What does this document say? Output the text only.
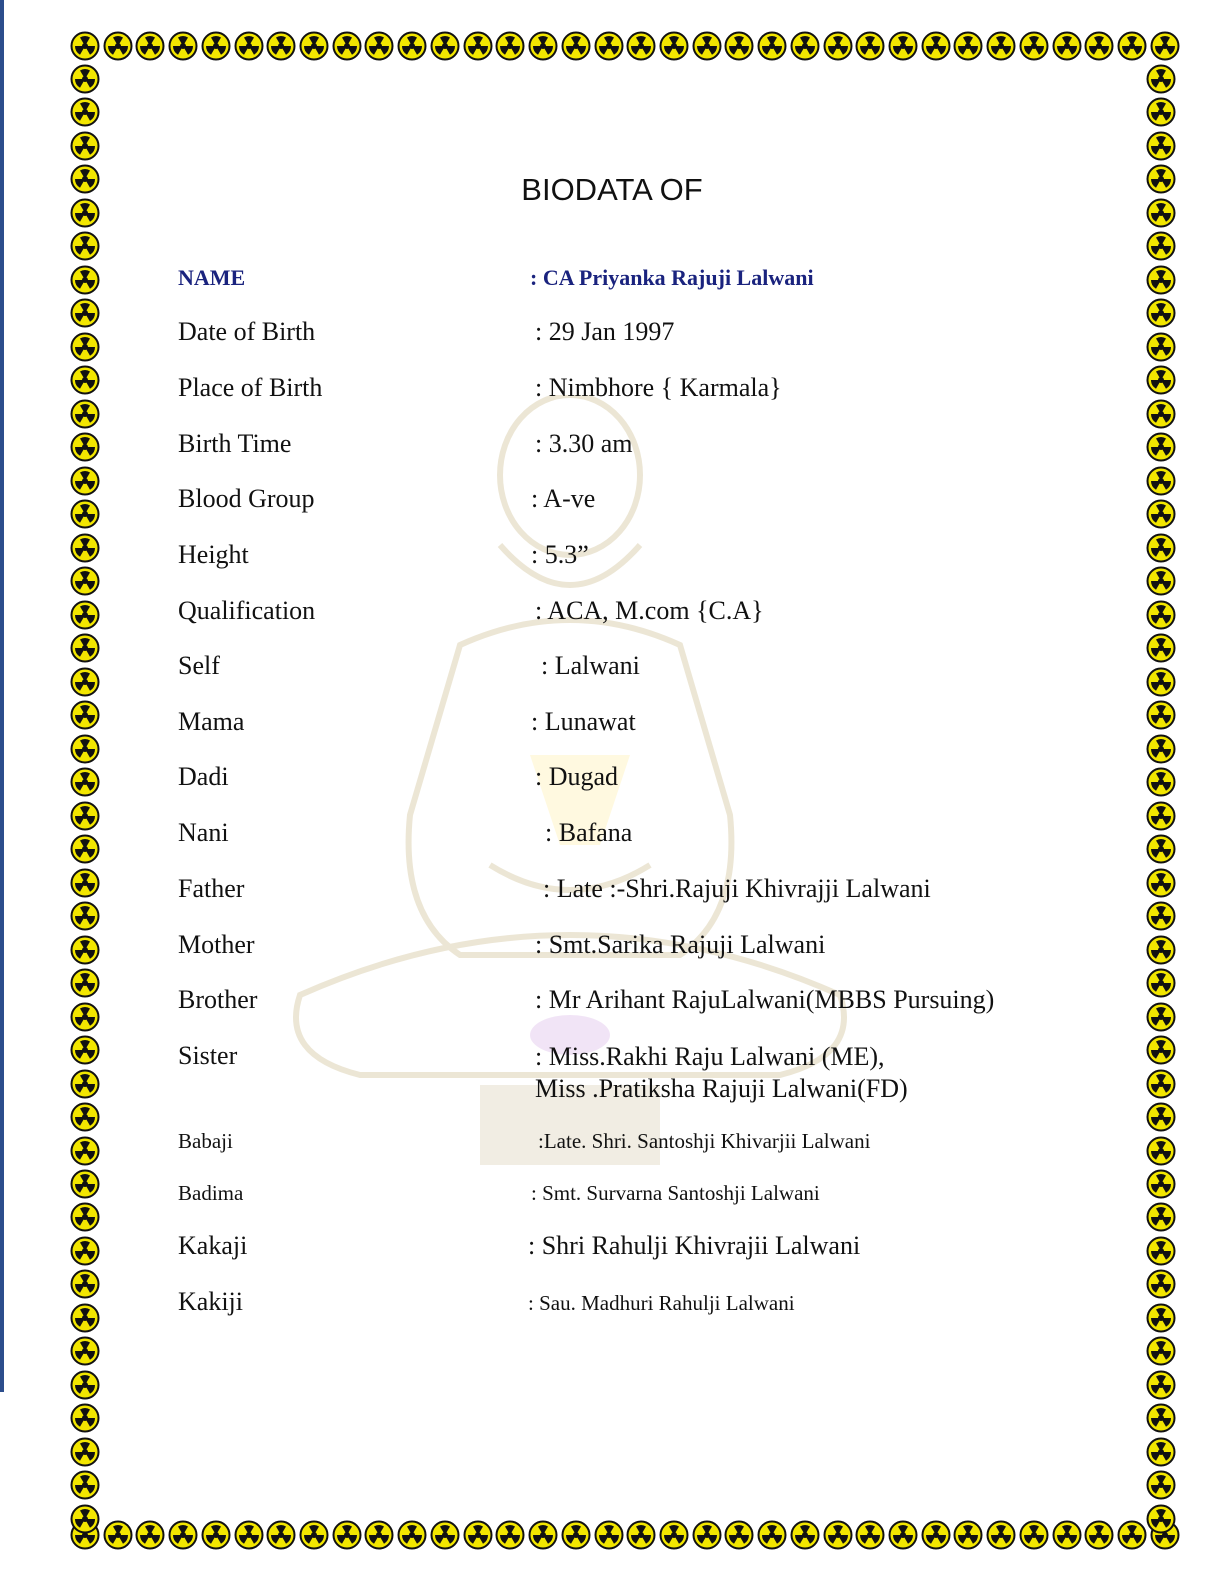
BIODATA OF
NAME	: CA Priyanka Rajuji Lalwani
Date of Birth	: 29 Jan 1997
Place of Birth	: Nimbhore { Karmala}
Birth Time	: 3.30 am
Blood Group	: A-ve
Height	: 5.3”
Qualification	: ACA, M.com {C.A}
Self	: Lalwani
Mama	: Lunawat
Dadi	: Dugad
Nani	: Bafana
Father	: Late :-Shri.Rajuji Khivrajji Lalwani
Mother	: Smt.Sarika Rajuji Lalwani
Brother	: Mr Arihant RajuLalwani(MBBS Pursuing)
Sister	: Miss.Rakhi Raju Lalwani (ME),
Miss .Pratiksha Rajuji Lalwani(FD)
Babaji	:Late. Shri. Santoshji Khivarjii Lalwani
Badima	: Smt. Survarna Santoshji Lalwani
Kakaji	: Shri Rahulji Khivrajii Lalwani
Kakiji	: Sau. Madhuri Rahulji Lalwani
